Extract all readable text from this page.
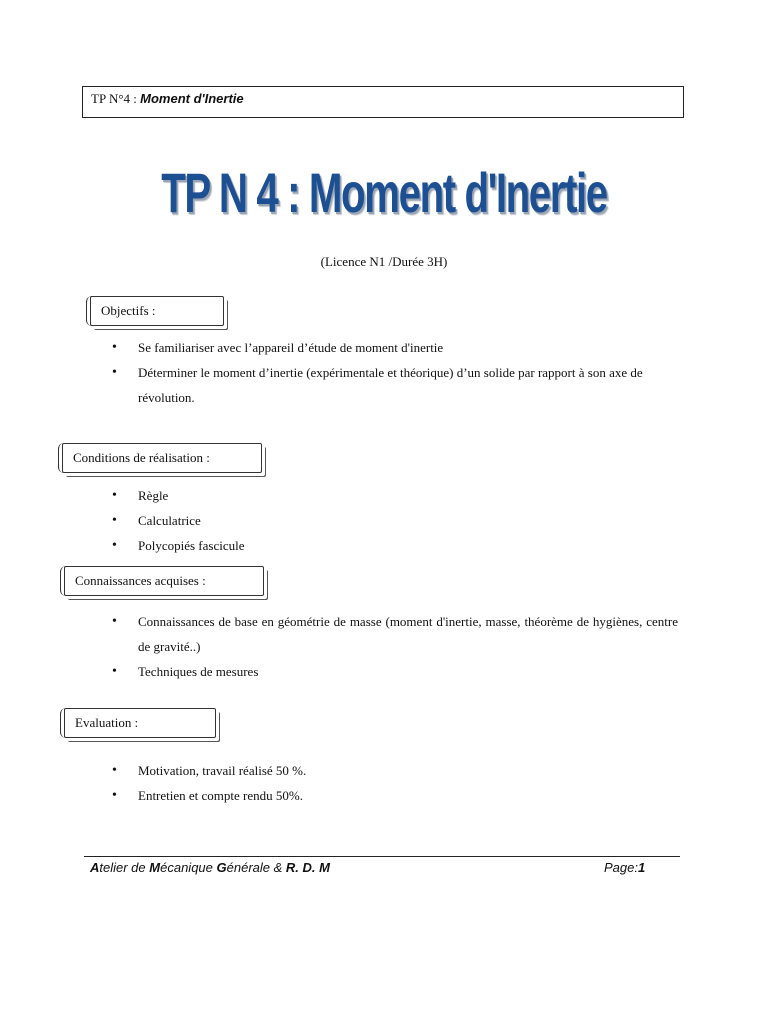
TP N°4 : Moment d'Inertie
TP N 4 : Moment d'Inertie
(Licence N1 /Durée 3H)
Objectifs :
• Se familiariser avec l’appareil d’étude de moment d'inertie
• Déterminer le moment d’inertie (expérimentale et théorique) d’un solide par rapport à son axe de révolution.
Conditions de réalisation :
• Règle
• Calculatrice
• Polycopiés fascicule
Connaissances acquises :
• Connaissances de base en géométrie de masse (moment d'inertie, masse, théorème de hygiènes, centre de gravité..)
• Techniques de mesures
Evaluation :
• Motivation, travail réalisé 50 %.
• Entretien et compte rendu 50%.
Atelier de Mécanique Générale & R. D. M	Page:1
